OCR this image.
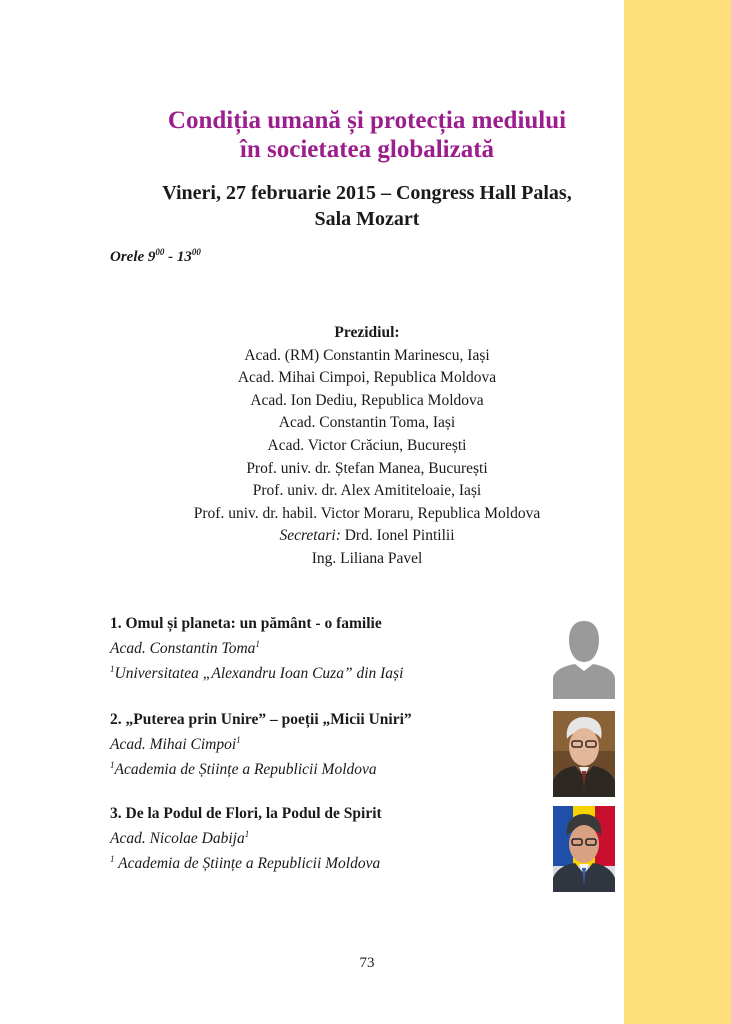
Condiția umană și protecția mediului
în societatea globalizată
Vineri, 27 februarie 2015 – Congress Hall Palas,
Sala Mozart
Orele $9^{00} - 13^{00}$
Prezidiul:
Acad. (RM) Constantin Marinescu, Iași
Acad. Mihai Cimpoi, Republica Moldova
Acad. Ion Dediu, Republica Moldova
Acad. Constantin Toma, Iași
Acad. Victor Crăciun, București
Prof. univ. dr. Ștefan Manea, București
Prof. univ. dr. Alex Amititeloaie, Iași
Prof. univ. dr. habil. Victor Moraru, Republica Moldova
Secretari: Drd. Ionel Pintilii
Ing. Liliana Pavel
1. Omul și planeta: un pământ - o familie
Acad. Constantin Toma$^1$
$^1$Universitatea „Alexandru Ioan Cuza” din Iași
2. „Puterea prin Unire” – poeții „Micii Uniri”
Acad. Mihai Cimpoi$^1$
$^1$Academia de Științe a Republicii Moldova
3. De la Podul de Flori, la Podul de Spirit
Acad. Nicolae Dabija$^1$
$^1$ Academia de Științe a Republicii Moldova
73
